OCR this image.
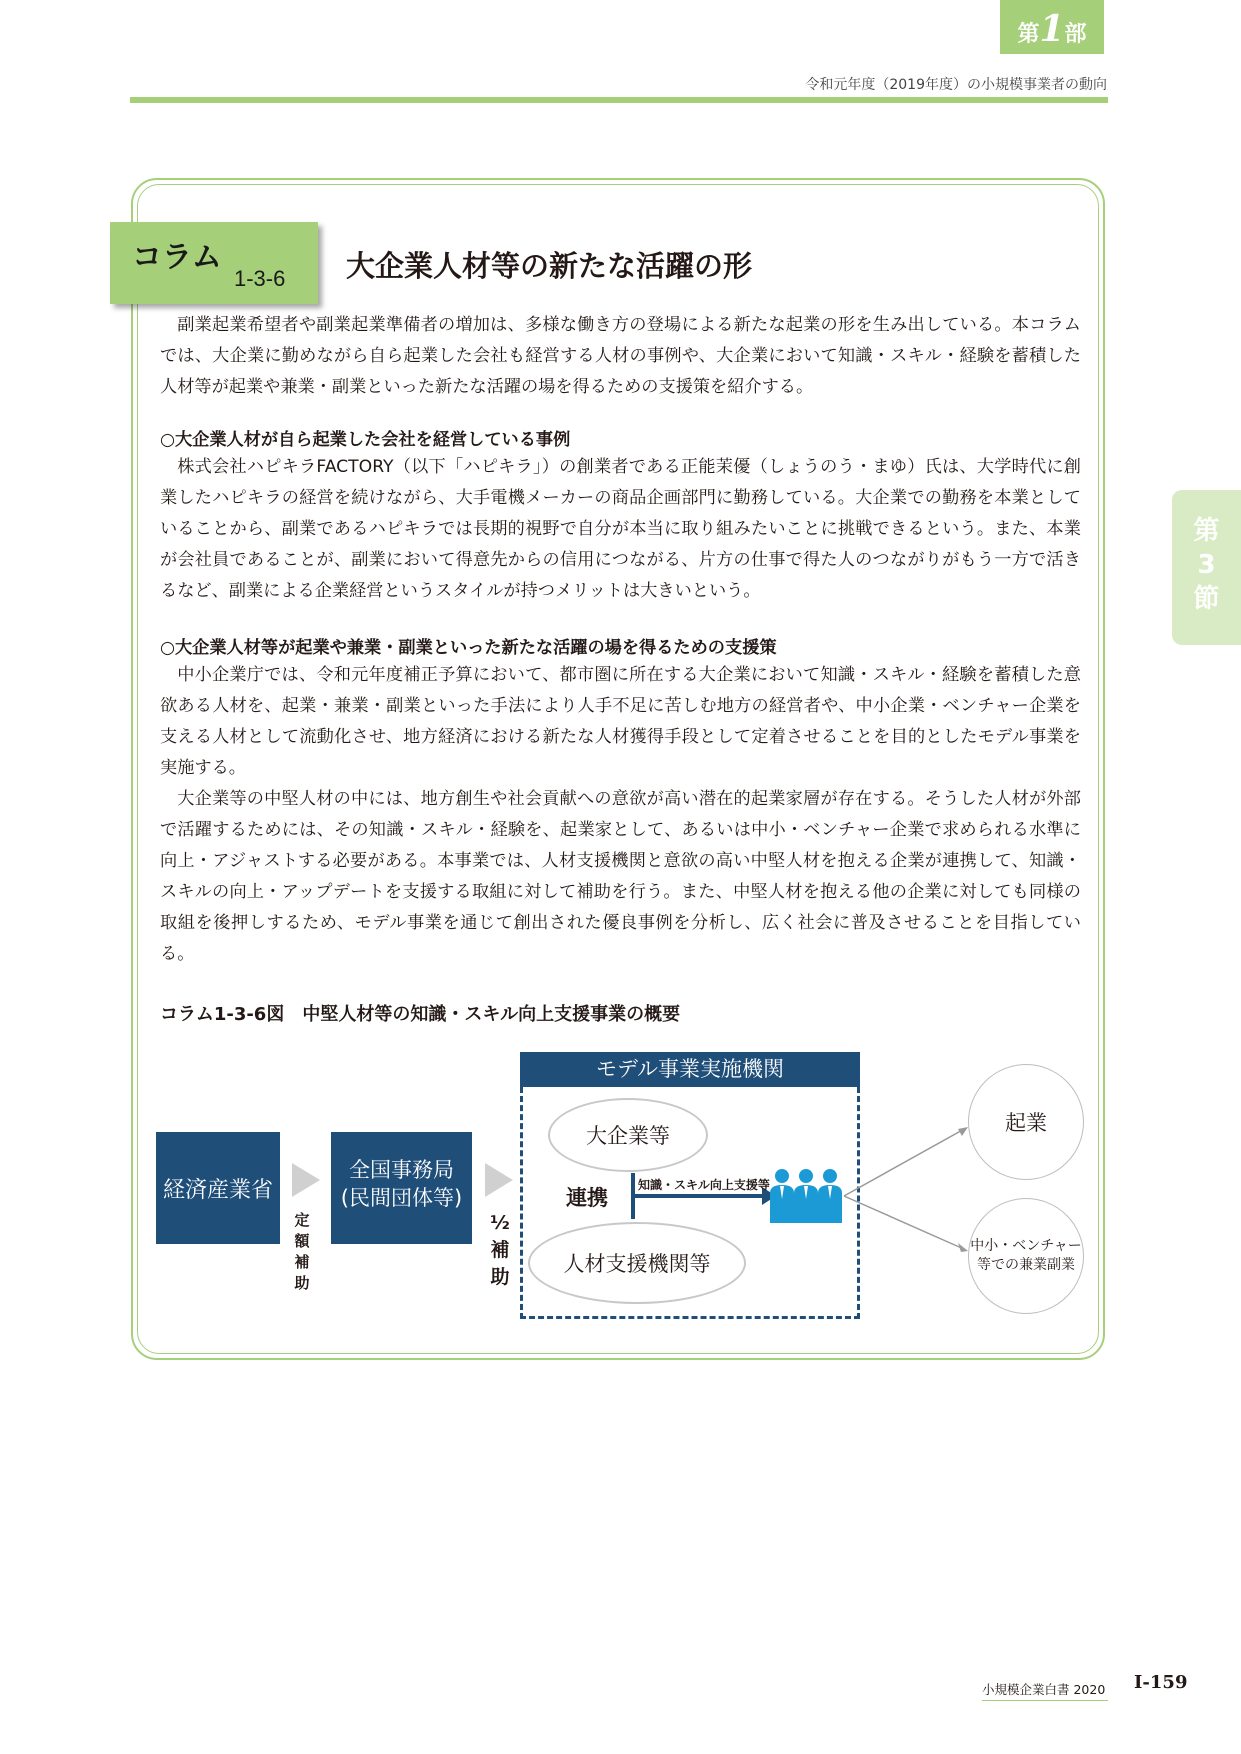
第1部
令和元年度（2019年度）の小規模事業者の動向
第
3
節
コラム
1-3-6 大企業人材等の新たな活躍の形

副業起業希望者や副業起業準備者の増加は、多様な働き方の登場による新たな起業の形を生み出している。本コラムでは、大企業に勤めながら自ら起業した会社も経営する人材の事例や、大企業において知識・スキル・経験を蓄積した人材等が起業や兼業・副業といった新たな活躍の場を得るための支援策を紹介する。

○大企業人材が自ら起業した会社を経営している事例

株式会社ハピキラFACTORY（以下「ハピキラ」）の創業者である正能茉優（しょうのう・まゆ）氏は、大学時代に創業したハピキラの経営を続けながら、大手電機メーカーの商品企画部門に勤務している。大企業での勤務を本業としていることから、副業であるハピキラでは長期的視野で自分が本当に取り組みたいことに挑戦できるという。また、本業が会社員であることが、副業において得意先からの信用につながる、片方の仕事で得た人のつながりがもう一方で活きるなど、副業による企業経営というスタイルが持つメリットは大きいという。

○大企業人材等が起業や兼業・副業といった新たな活躍の場を得るための支援策

中小企業庁では、令和元年度補正予算において、都市圏に所在する大企業において知識・スキル・経験を蓄積した意欲ある人材を、起業・兼業・副業といった手法により人手不足に苦しむ地方の経営者や、中小企業・ベンチャー企業を支える人材として流動化させ、地方経済における新たな人材獲得手段として定着させることを目的としたモデル事業を実施する。

大企業等の中堅人材の中には、地方創生や社会貢献への意欲が高い潜在的起業家層が存在する。そうした人材が外部で活躍するためには、その知識・スキル・経験を、起業家として、あるいは中小・ベンチャー企業で求められる水準に向上・アジャストする必要がある。本事業では、人材支援機関と意欲の高い中堅人材を抱える企業が連携して、知識・スキルの向上・アップデートを支援する取組に対して補助を行う。また、中堅人材を抱える他の企業に対しても同様の取組を後押しするため、モデル事業を通じて創出された優良事例を分析し、広く社会に普及させることを目指している。

コラム1-3-6図　中堅人材等の知識・スキル向上支援事業の概要
経済産業省
定
額
補
助
全国事務局
(民間団体等)
½
補
助
モデル事業実施機関
大企業等
人材支援機関等
連携
知識・スキル向上支援等
起業
中小・ベンチャー
等での兼業副業
小規模企業白書 2020 Ⅰ-159
